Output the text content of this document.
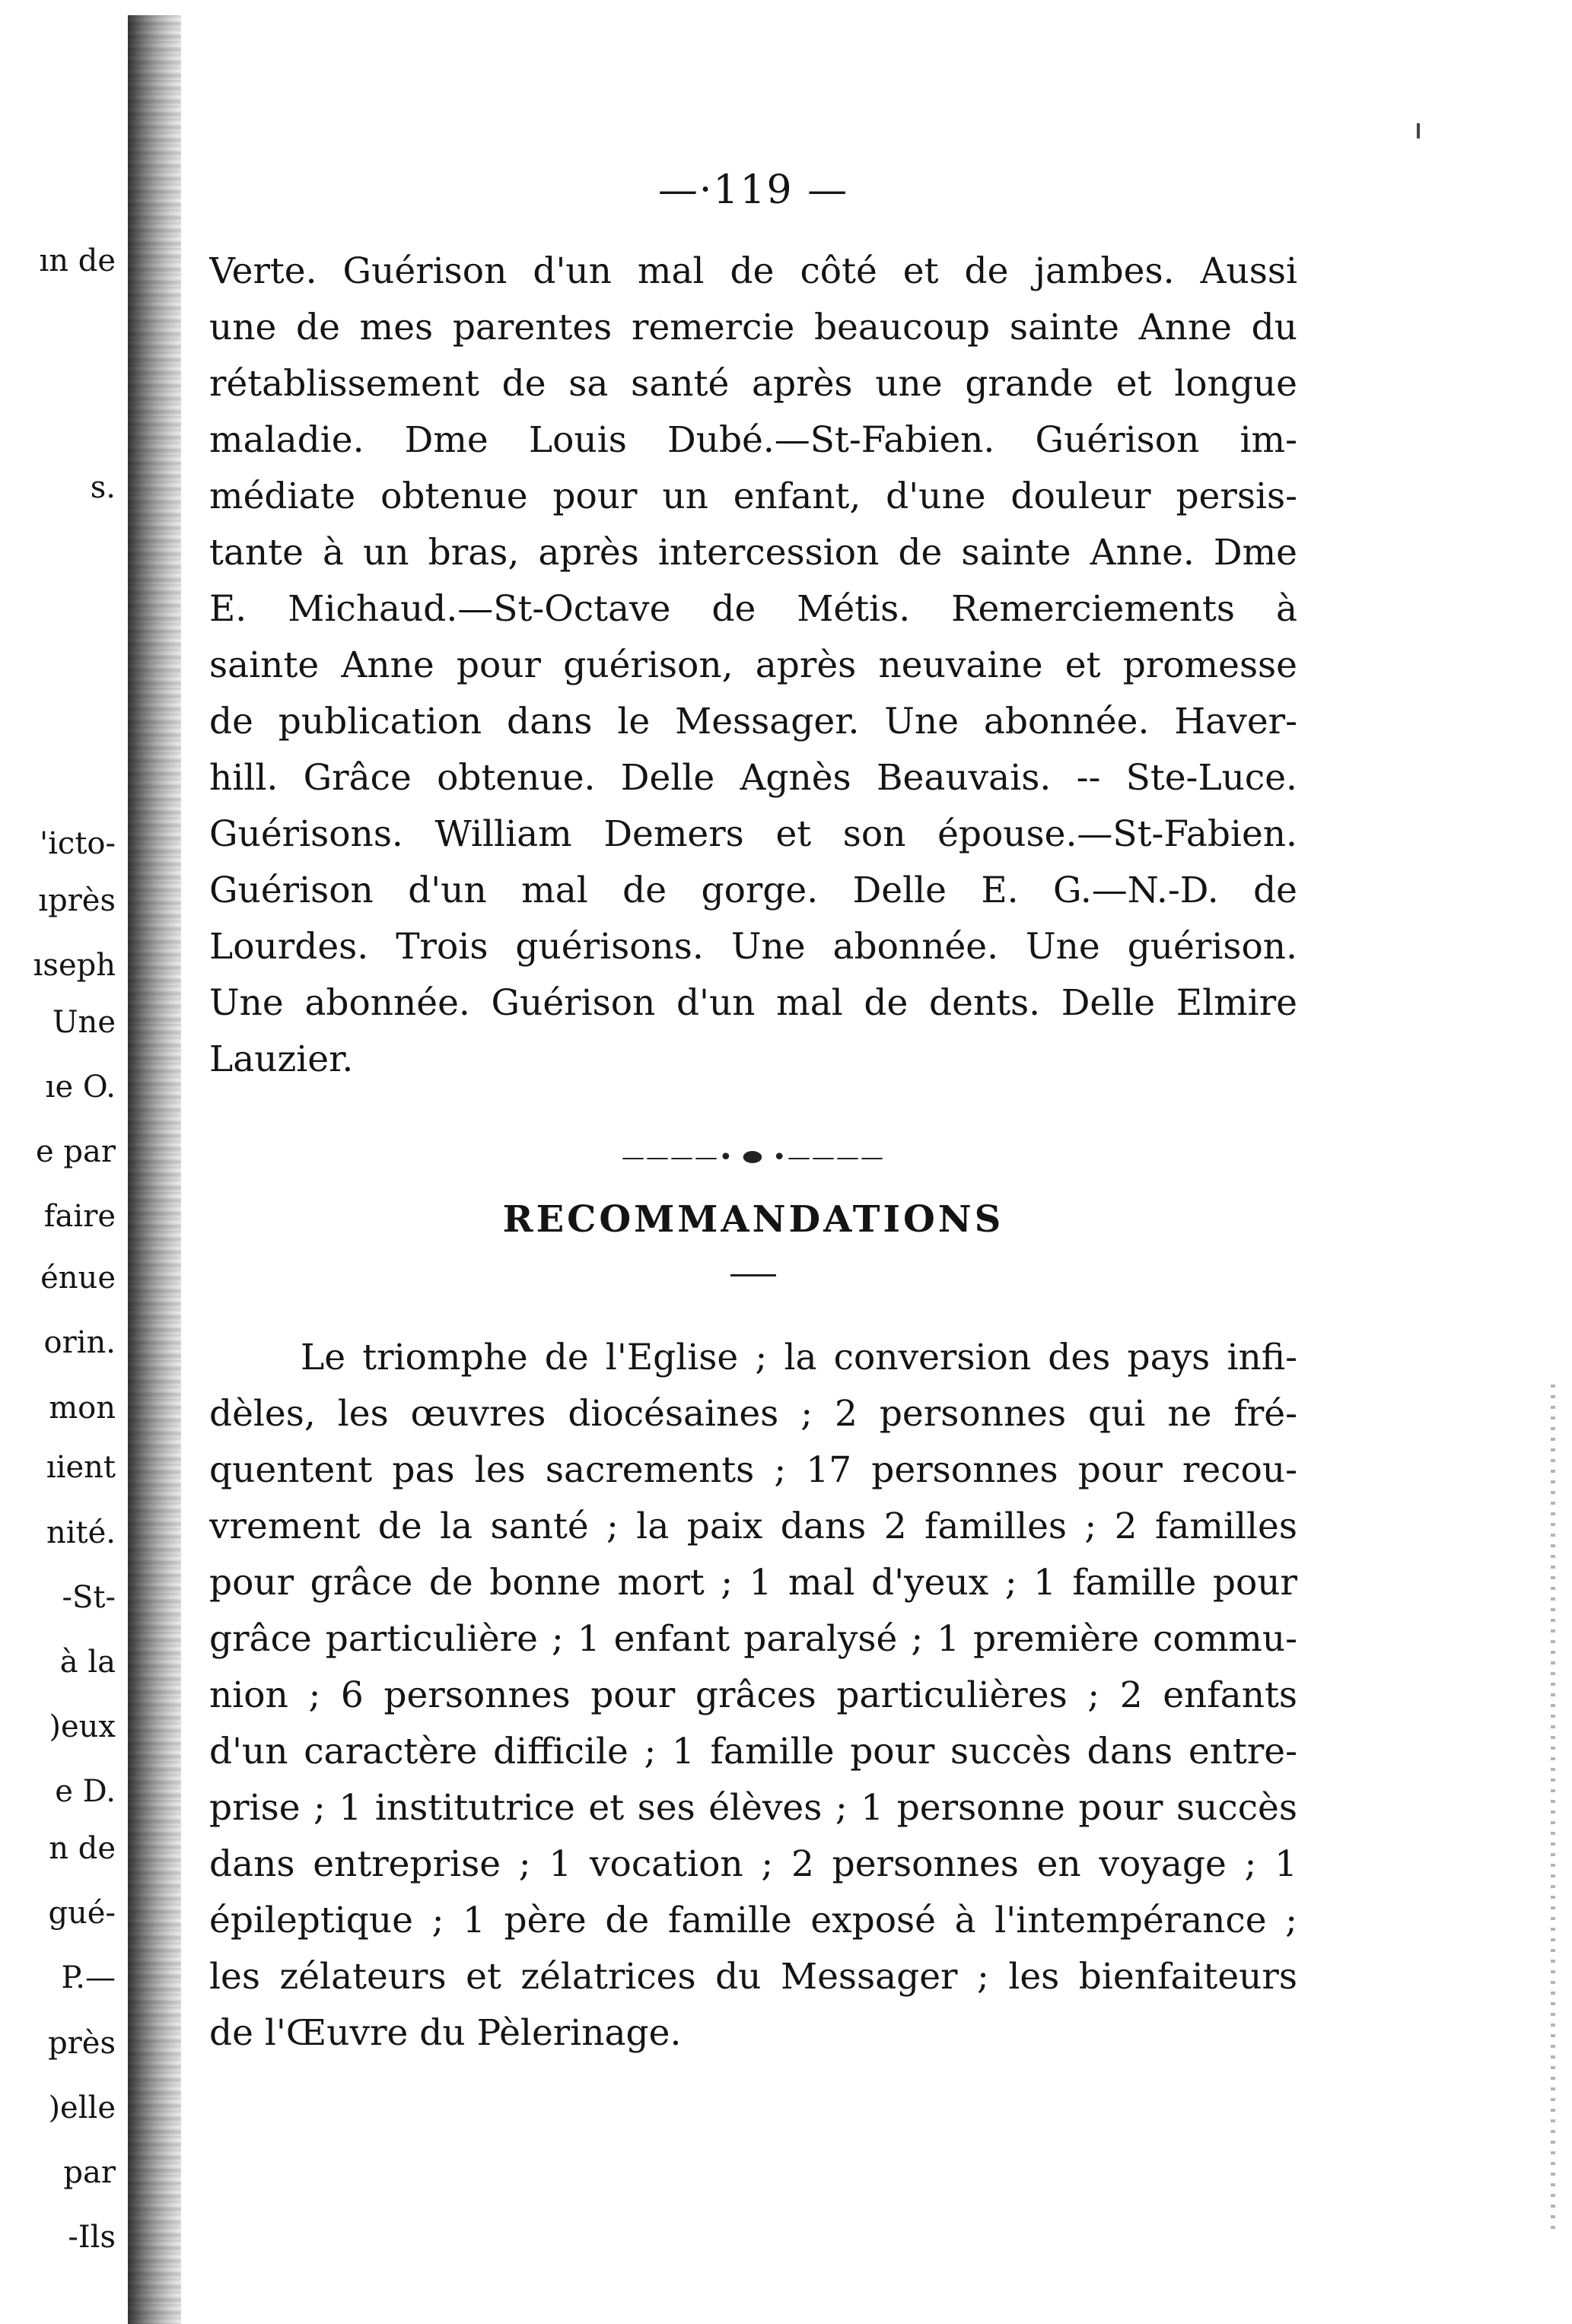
ın de
s.
'icto-
ıprès
ıseph
Une
ıe O.
e par
faire
énue
orin.
mon
ıient
nité.
-St-
à la
)eux
e D.
n de
gué-
P.—
près
)elle
par
-Ils
—·119 —
Verte. Guérison d'un mal de côté et de jambes. Aussi
une de mes parentes remercie beaucoup sainte Anne du
rétablissement de sa santé après une grande et longue
maladie. Dme Louis Dubé.—St-Fabien. Guérison im-
médiate obtenue pour un enfant, d'une douleur persis-
tante à un bras, après intercession de sainte Anne. Dme
E. Michaud.—St-Octave de Métis. Remerciements à
sainte Anne pour guérison, après neuvaine et promesse
de publication dans le Messager. Une abonnée. Haver-
hill. Grâce obtenue. Delle Agnès Beauvais. -- Ste-Luce.
Guérisons. William Demers et son épouse.—St-Fabien.
Guérison d'un mal de gorge. Delle E. G.—N.-D. de
Lourdes. Trois guérisons. Une abonnée. Une guérison.
Une abonnée. Guérison d'un mal de dents. Delle Elmire
Lauzier.
————• ⬬ •————
RECOMMANDATIONS
Le triomphe de l'Eglise ; la conversion des pays infi-
dèles, les œuvres diocésaines ; 2 personnes qui ne fré-
quentent pas les sacrements ; 17 personnes pour recou-
vrement de la santé ; la paix dans 2 familles ; 2 familles
pour grâce de bonne mort ; 1 mal d'yeux ; 1 famille pour
grâce particulière ; 1 enfant paralysé ; 1 première commu-
nion ; 6 personnes pour grâces particulières ; 2 enfants
d'un caractère difficile ; 1 famille pour succès dans entre-
prise ; 1 institutrice et ses élèves ; 1 personne pour succès
dans entreprise ; 1 vocation ; 2 personnes en voyage ; 1
épileptique ; 1 père de famille exposé à l'intempérance ;
les zélateurs et zélatrices du Messager ; les bienfaiteurs
de l'Œuvre du Pèlerinage.
